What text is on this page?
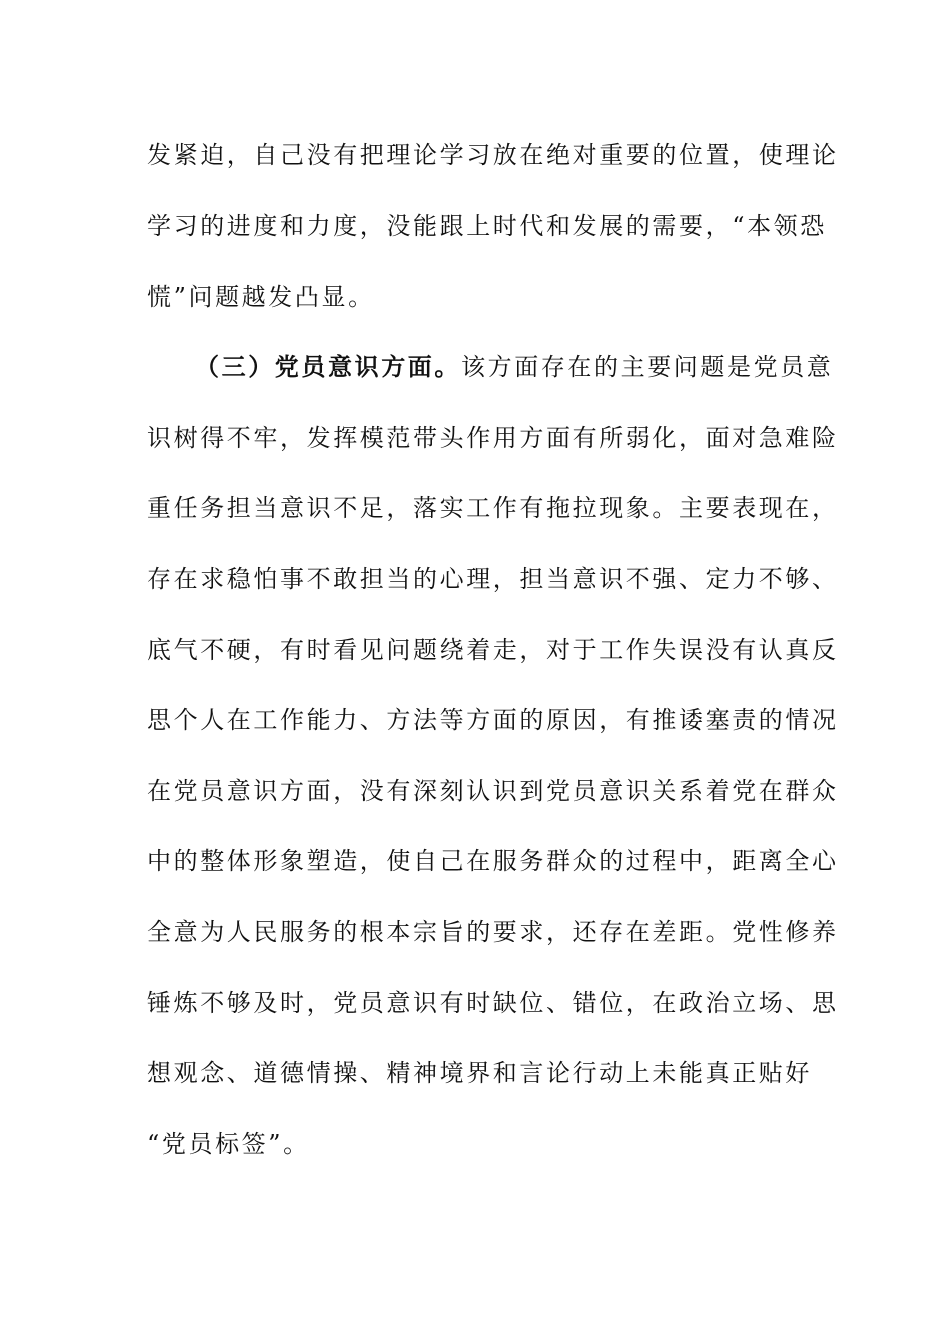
发紧迫，自己没有把理论学习放在绝对重要的位置，使理论
学习的进度和力度，没能跟上时代和发展的需要，“本领恐
慌”问题越发凸显。
（三）党员意识方面。该方面存在的主要问题是党员意
识树得不牢，发挥模范带头作用方面有所弱化，面对急难险
重任务担当意识不足，落实工作有拖拉现象。主要表现在，
存在求稳怕事不敢担当的心理，担当意识不强、定力不够、
底气不硬，有时看见问题绕着走，对于工作失误没有认真反
思个人在工作能力、方法等方面的原因，有推诿塞责的情况
在党员意识方面，没有深刻认识到党员意识关系着党在群众
中的整体形象塑造，使自己在服务群众的过程中，距离全心
全意为人民服务的根本宗旨的要求，还存在差距。党性修养
锤炼不够及时，党员意识有时缺位、错位，在政治立场、思
想观念、道德情操、精神境界和言论行动上未能真正贴好
“党员标签”。
